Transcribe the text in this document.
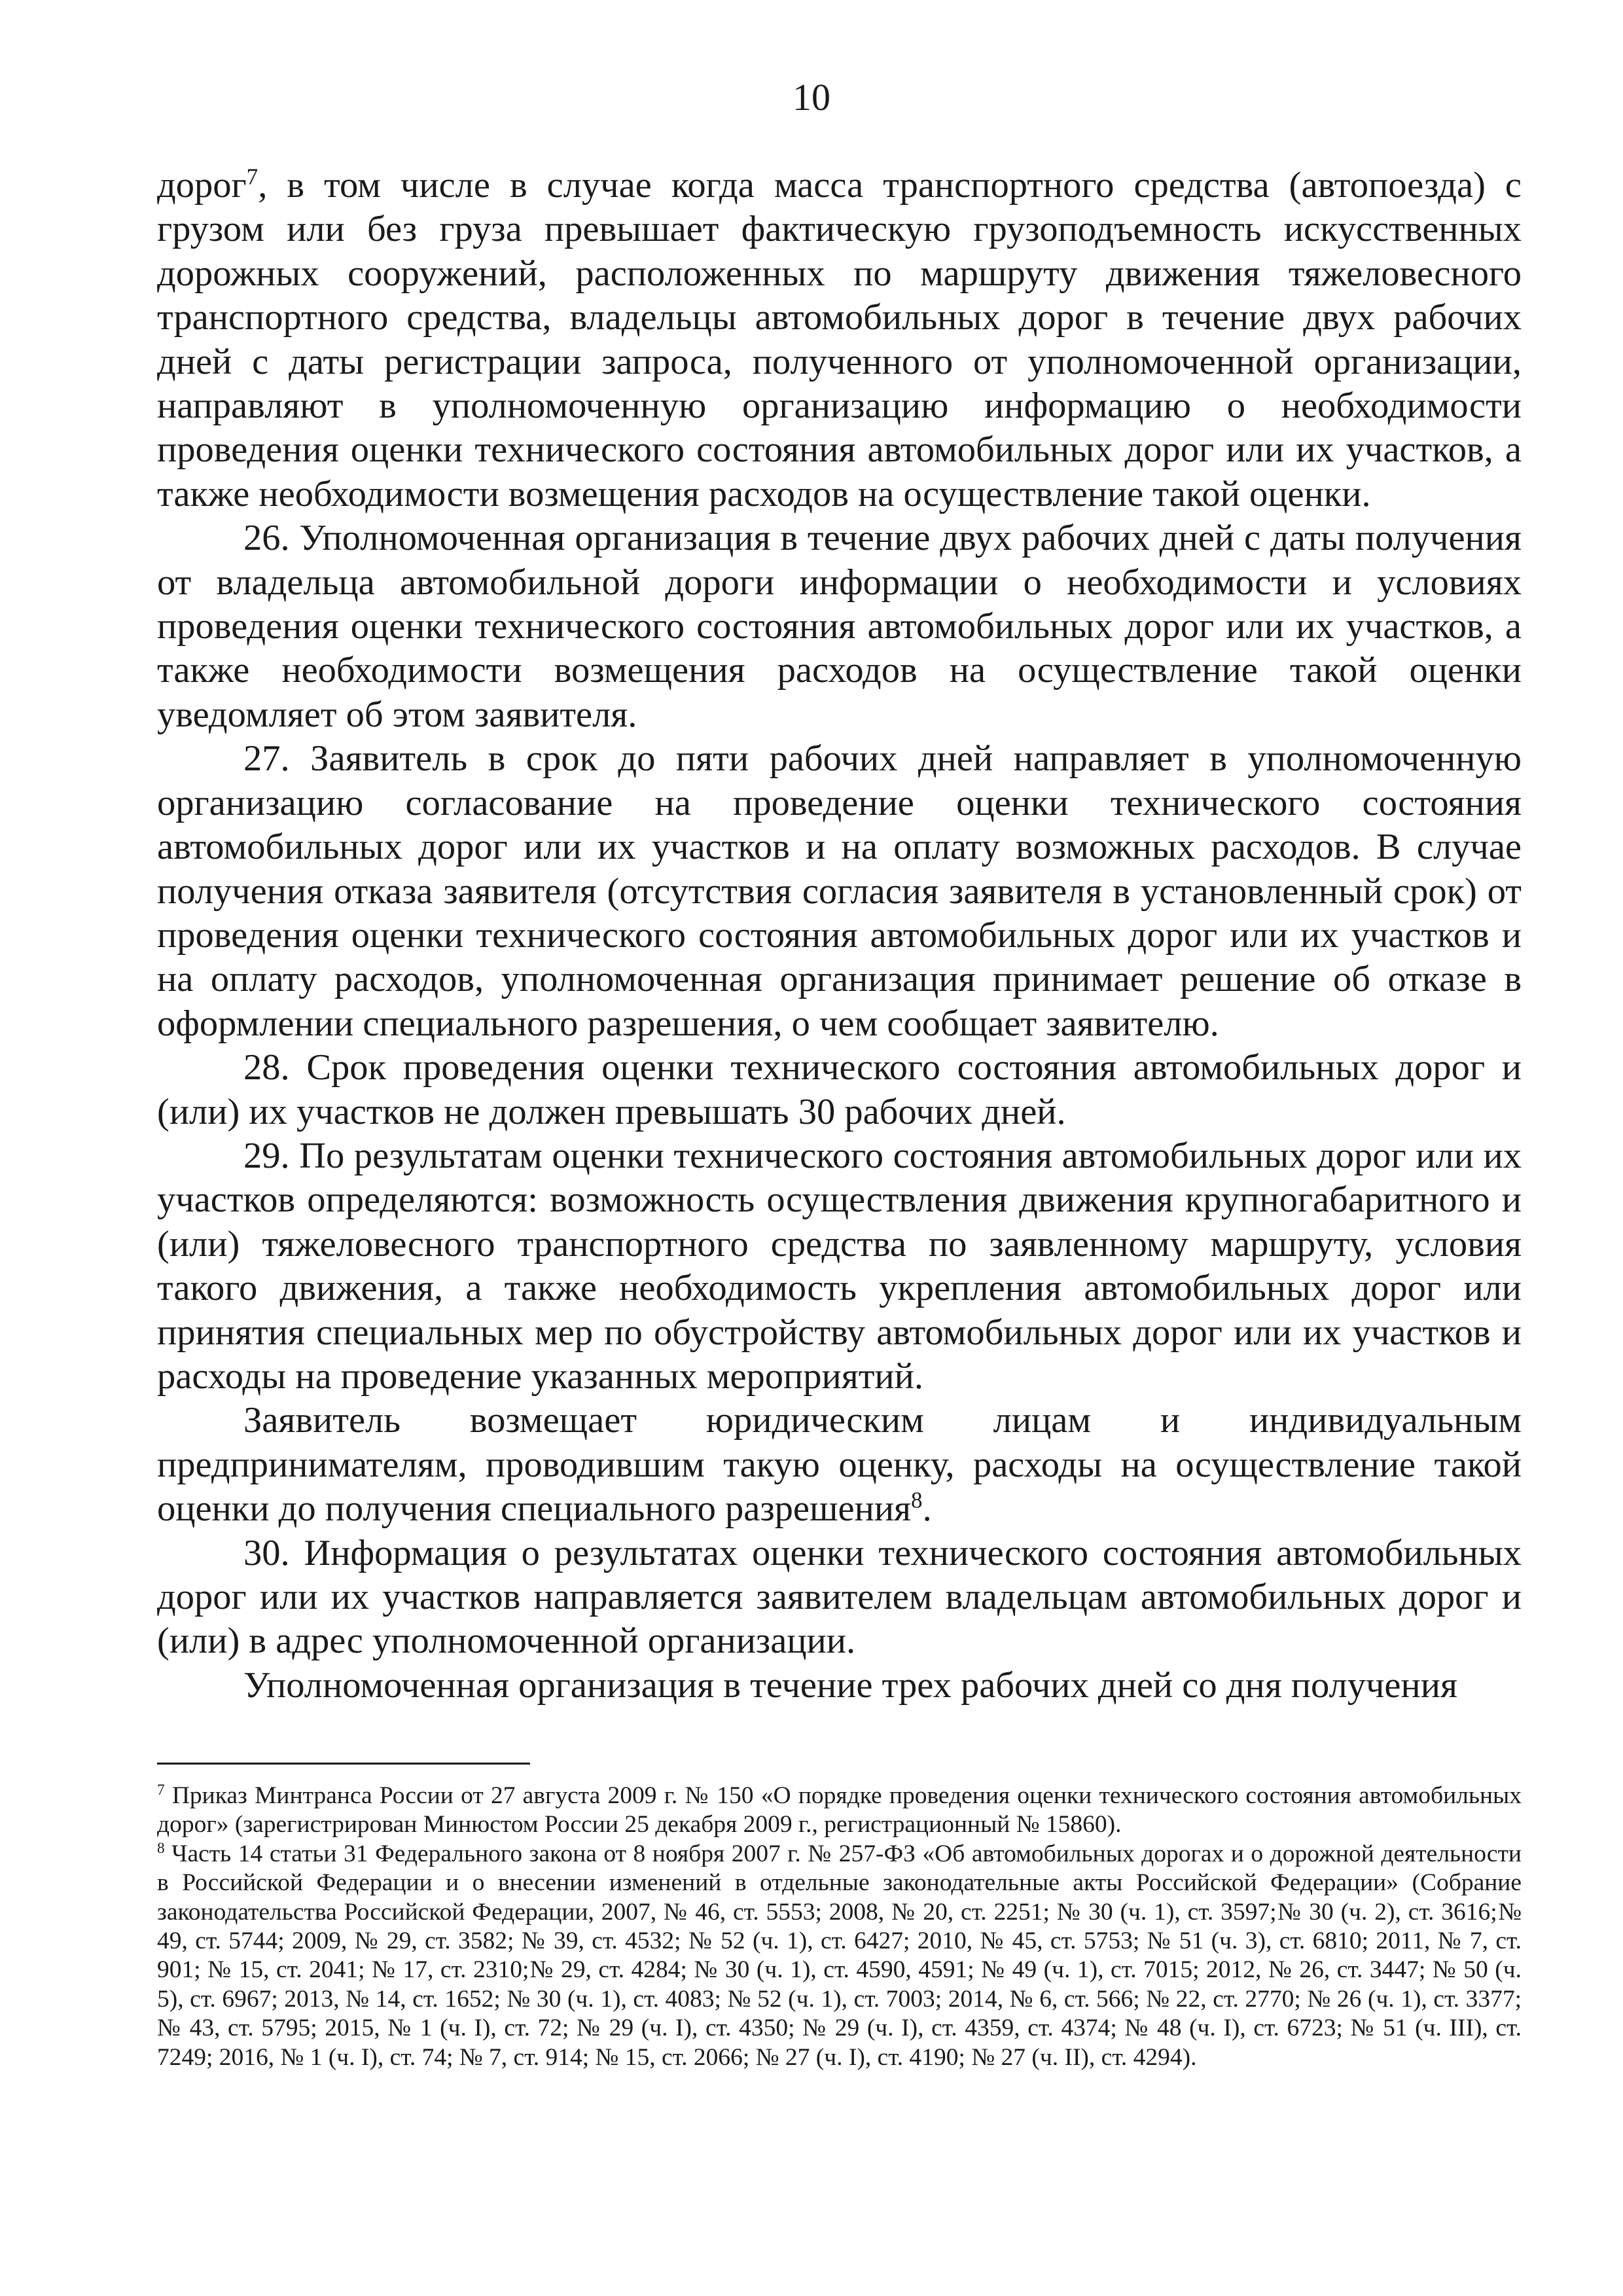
10

дорог$^7$, в том числе в случае когда масса транспортного средства (автопоезда) с грузом или без груза превышает фактическую грузоподъемность искусственных дорожных сооружений, расположенных по маршруту движения тяжеловесного транспортного средства, владельцы автомобильных дорог в течение двух рабочих дней с даты регистрации запроса, полученного от уполномоченной организации, направляют в уполномоченную организацию информацию о необходимости проведения оценки технического состояния автомобильных дорог или их участков, а также необходимости возмещения расходов на осуществление такой оценки.

26. Уполномоченная организация в течение двух рабочих дней с даты получения от владельца автомобильной дороги информации о необходимости и условиях проведения оценки технического состояния автомобильных дорог или их участков, а также необходимости возмещения расходов на осуществление такой оценки уведомляет об этом заявителя.

27. Заявитель в срок до пяти рабочих дней направляет в уполномоченную организацию согласование на проведение оценки технического состояния автомобильных дорог или их участков и на оплату возможных расходов. В случае получения отказа заявителя (отсутствия согласия заявителя в установленный срок) от проведения оценки технического состояния автомобильных дорог или их участков и на оплату расходов, уполномоченная организация принимает решение об отказе в оформлении специального разрешения, о чем сообщает заявителю.

28. Срок проведения оценки технического состояния автомобильных дорог и (или) их участков не должен превышать 30 рабочих дней.

29. По результатам оценки технического состояния автомобильных дорог или их участков определяются: возможность осуществления движения крупногабаритного и (или) тяжеловесного транспортного средства по заявленному маршруту, условия такого движения, а также необходимость укрепления автомобильных дорог или принятия специальных мер по обустройству автомобильных дорог или их участков и расходы на проведение указанных мероприятий.

Заявитель возмещает юридическим лицам и индивидуальным предпринимателям, проводившим такую оценку, расходы на осуществление такой оценки до получения специального разрешения$^8$.

30. Информация о результатах оценки технического состояния автомобильных дорог или их участков направляется заявителем владельцам автомобильных дорог и (или) в адрес уполномоченной организации.

Уполномоченная организация в течение трех рабочих дней со дня получения

$^7$ Приказ Минтранса России от 27 августа 2009 г. № 150 «О порядке проведения оценки технического состояния автомобильных дорог» (зарегистрирован Минюстом России 25 декабря 2009 г., регистрационный № 15860).

$^8$ Часть 14 статьи 31 Федерального закона от 8 ноября 2007 г. № 257-ФЗ «Об автомобильных дорогах и о дорожной деятельности в Российской Федерации и о внесении изменений в отдельные законодательные акты Российской Федерации» (Собрание законодательства Российской Федерации, 2007, № 46, ст. 5553; 2008, № 20, ст. 2251; № 30 (ч. 1), ст. 3597;№ 30 (ч. 2), ст. 3616;№ 49, ст. 5744; 2009, № 29, ст. 3582; № 39, ст. 4532; № 52 (ч. 1), ст. 6427; 2010, № 45, ст. 5753; № 51 (ч. 3), ст. 6810; 2011, № 7, ст. 901; № 15, ст. 2041; № 17, ст. 2310;№ 29, ст. 4284; № 30 (ч. 1), ст. 4590, 4591; № 49 (ч. 1), ст. 7015; 2012, № 26, ст. 3447; № 50 (ч. 5), ст. 6967; 2013, № 14, ст. 1652; № 30 (ч. 1), ст. 4083; № 52 (ч. 1), ст. 7003; 2014, № 6, ст. 566; № 22, ст. 2770; № 26 (ч. 1), ст. 3377; № 43, ст. 5795; 2015, № 1 (ч. I), ст. 72; № 29 (ч. I), ст. 4350; № 29 (ч. I), ст. 4359, ст. 4374; № 48 (ч. I), ст. 6723; № 51 (ч. III), ст. 7249; 2016, № 1 (ч. I), ст. 74; № 7, ст. 914; № 15, ст. 2066; № 27 (ч. I), ст. 4190; № 27 (ч. II), ст. 4294).
